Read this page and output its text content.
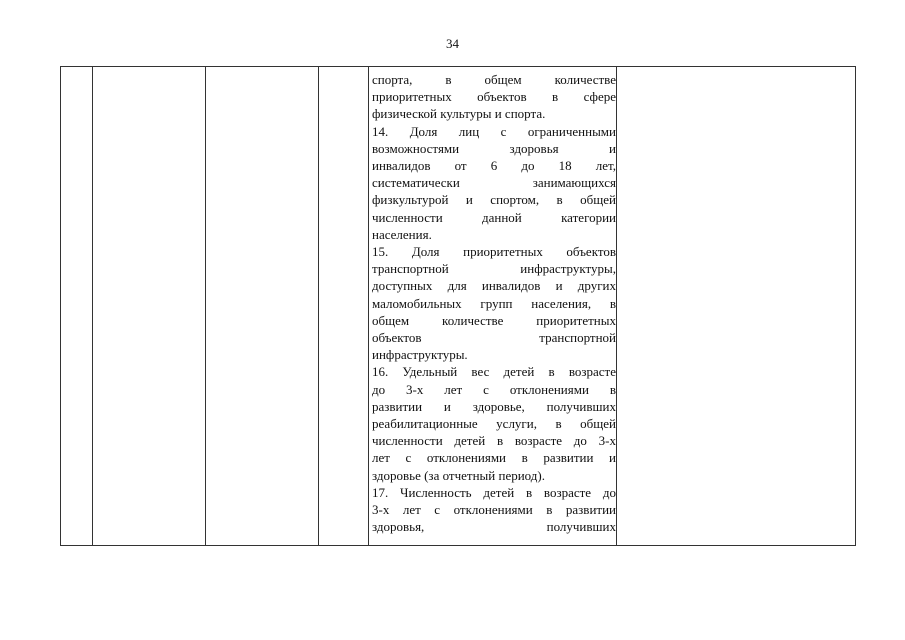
34

спорта, в общем количестве
приоритетных объектов в сфере
физической культуры и спорта.
14. Доля лиц с ограниченными
возможностями здоровья и
инвалидов от 6 до 18 лет,
систематически занимающихся
физкультурой и спортом, в общей
численности данной категории
населения.
15. Доля приоритетных объектов
транспортной инфраструктуры,
доступных для инвалидов и других
маломобильных групп населения, в
общем количестве приоритетных
объектов транспортной
инфраструктуры.
16. Удельный вес детей в возрасте
до 3-х лет с отклонениями в
развитии и здоровье, получивших
реабилитационные услуги, в общей
численности детей в возрасте до 3-х
лет с отклонениями в развитии и
здоровье (за отчетный период).
17. Численность детей в возрасте до
3-х лет с отклонениями в развитии
здоровья, получивших
